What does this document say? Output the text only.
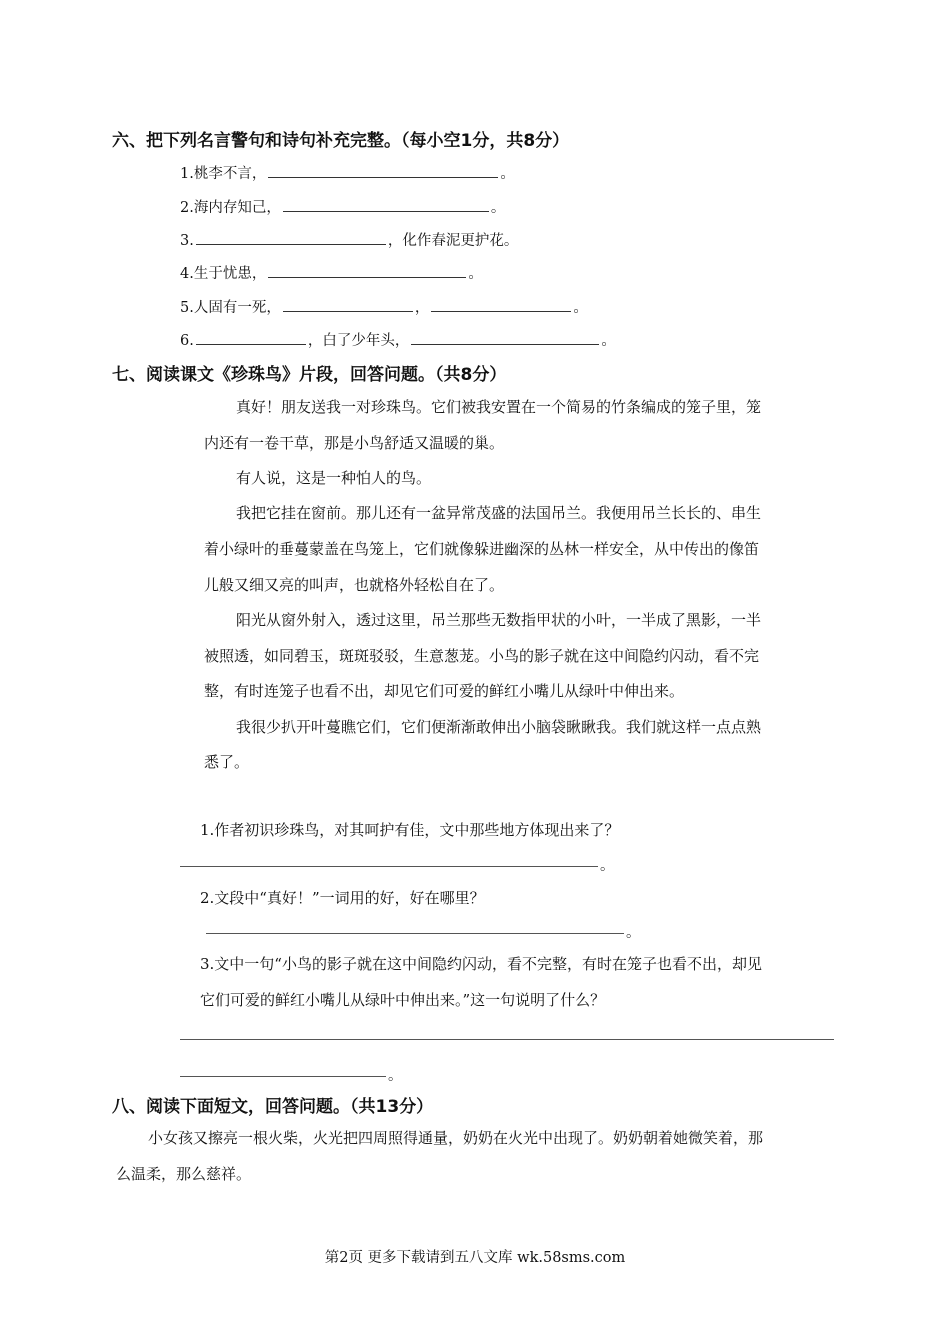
六、把下列名言警句和诗句补充完整。（每小空1分，共8分）
1.桃李不言，	。
2.海内存知己，	。
3.	，化作春泥更护花。
4.生于忧患，	。
5.人固有一死，	，	。
6.	，白了少年头，	。
七、阅读课文《珍珠鸟》片段，回答问题。（共8分）
真好！朋友送我一对珍珠鸟。它们被我安置在一个简易的竹条编成的笼子里，笼
内还有一卷干草，那是小鸟舒适又温暖的巢。
有人说，这是一种怕人的鸟。
我把它挂在窗前。那儿还有一盆异常茂盛的法国吊兰。我便用吊兰长长的、串生
着小绿叶的垂蔓蒙盖在鸟笼上，它们就像躲进幽深的丛林一样安全，从中传出的像笛
儿般又细又亮的叫声，也就格外轻松自在了。
阳光从窗外射入，透过这里，吊兰那些无数指甲状的小叶，一半成了黑影，一半
被照透，如同碧玉，斑斑驳驳，生意葱茏。小鸟的影子就在这中间隐约闪动，看不完
整，有时连笼子也看不出，却见它们可爱的鲜红小嘴儿从绿叶中伸出来。
我很少扒开叶蔓瞧它们，它们便渐渐敢伸出小脑袋瞅瞅我。我们就这样一点点熟
悉了。
1.作者初识珍珠鸟，对其呵护有佳，文中那些地方体现出来了？
。
2.文段中“真好！”一词用的好，好在哪里？
。
3.文中一句“小鸟的影子就在这中间隐约闪动，看不完整，有时在笼子也看不出，却见
它们可爱的鲜红小嘴儿从绿叶中伸出来。”这一句说明了什么？
。
八、阅读下面短文，回答问题。（共13分）
小女孩又擦亮一根火柴，火光把四周照得通量，奶奶在火光中出现了。奶奶朝着她微笑着，那
么温柔，那么慈祥。
第2页 更多下载请到五八文库 wk.58sms.com
